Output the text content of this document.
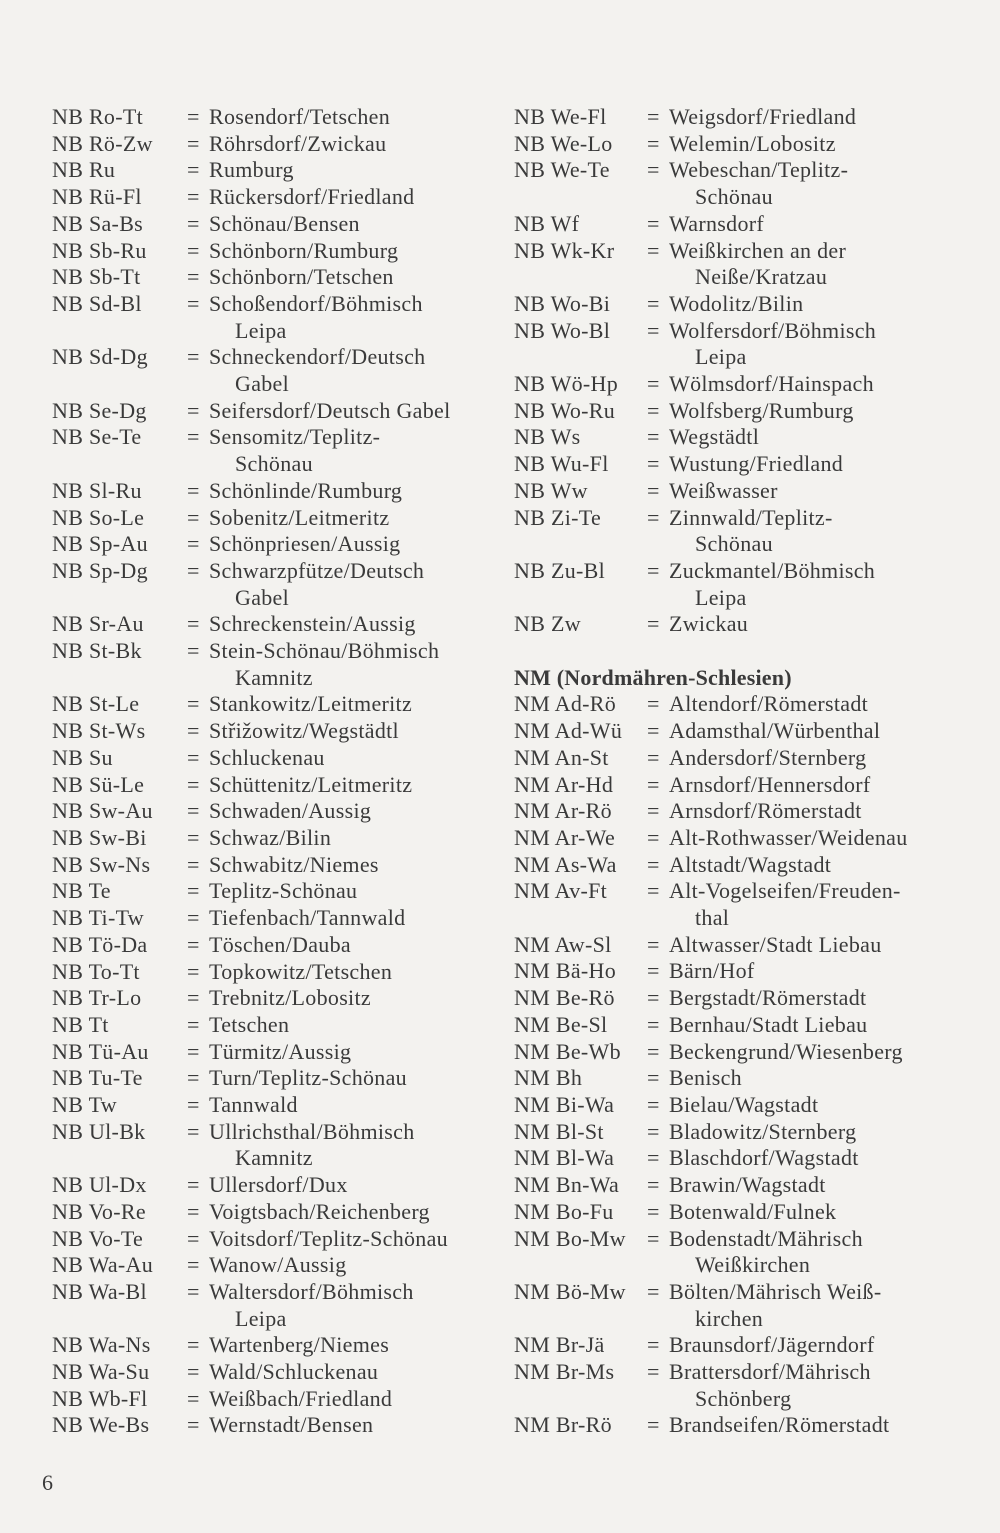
NB Ro-Tt	= Rosendorf/Tetschen
NB Rö-Zw	= Röhrsdorf/Zwickau
NB Ru	= Rumburg
NB Rü-Fl	= Rückersdorf/Friedland
NB Sa-Bs	= Schönau/Bensen
NB Sb-Ru	= Schönborn/Rumburg
NB Sb-Tt	= Schönborn/Tetschen
NB Sd-Bl	= Schoßendorf/Böhmisch
Leipa
NB Sd-Dg	= Schneckendorf/Deutsch
Gabel
NB Se-Dg	= Seifersdorf/Deutsch Gabel
NB Se-Te	= Sensomitz/Teplitz-
Schönau
NB Sl-Ru	= Schönlinde/Rumburg
NB So-Le	= Sobenitz/Leitmeritz
NB Sp-Au	= Schönpriesen/Aussig
NB Sp-Dg	= Schwarzpfütze/Deutsch
Gabel
NB Sr-Au	= Schreckenstein/Aussig
NB St-Bk	= Stein-Schönau/Böhmisch
Kamnitz
NB St-Le	= Stankowitz/Leitmeritz
NB St-Ws	= Střižowitz/Wegstädtl
NB Su	= Schluckenau
NB Sü-Le	= Schüttenitz/Leitmeritz
NB Sw-Au	= Schwaden/Aussig
NB Sw-Bi	= Schwaz/Bilin
NB Sw-Ns	= Schwabitz/Niemes
NB Te	= Teplitz-Schönau
NB Ti-Tw	= Tiefenbach/Tannwald
NB Tö-Da	= Töschen/Dauba
NB To-Tt	= Topkowitz/Tetschen
NB Tr-Lo	= Trebnitz/Lobositz
NB Tt	= Tetschen
NB Tü-Au	= Türmitz/Aussig
NB Tu-Te	= Turn/Teplitz-Schönau
NB Tw	= Tannwald
NB Ul-Bk	= Ullrichsthal/Böhmisch
Kamnitz
NB Ul-Dx	= Ullersdorf/Dux
NB Vo-Re	= Voigtsbach/Reichenberg
NB Vo-Te	= Voitsdorf/Teplitz-Schönau
NB Wa-Au	= Wanow/Aussig
NB Wa-Bl	= Waltersdorf/Böhmisch
Leipa
NB Wa-Ns	= Wartenberg/Niemes
NB Wa-Su	= Wald/Schluckenau
NB Wb-Fl	= Weißbach/Friedland
NB We-Bs	= Wernstadt/Bensen
NB We-Fl	= Weigsdorf/Friedland
NB We-Lo	= Welemin/Lobositz
NB We-Te	= Webeschan/Teplitz-
Schönau
NB Wf	= Warnsdorf
NB Wk-Kr	= Weißkirchen an der
Neiße/Kratzau
NB Wo-Bi	= Wodolitz/Bilin
NB Wo-Bl	= Wolfersdorf/Böhmisch
Leipa
NB Wö-Hp	= Wölmsdorf/Hainspach
NB Wo-Ru	= Wolfsberg/Rumburg
NB Ws	= Wegstädtl
NB Wu-Fl	= Wustung/Friedland
NB Ww	= Weißwasser
NB Zi-Te	= Zinnwald/Teplitz-
Schönau
NB Zu-Bl	= Zuckmantel/Böhmisch
Leipa
NB Zw	= Zwickau
NM (Nordmähren-Schlesien)
NM Ad-Rö	= Altendorf/Römerstadt
NM Ad-Wü	= Adamsthal/Würbenthal
NM An-St	= Andersdorf/Sternberg
NM Ar-Hd	= Arnsdorf/Hennersdorf
NM Ar-Rö	= Arnsdorf/Römerstadt
NM Ar-We	= Alt-Rothwasser/Weidenau
NM As-Wa	= Altstadt/Wagstadt
NM Av-Ft	= Alt-Vogelseifen/Freuden-
thal
NM Aw-Sl	= Altwasser/Stadt Liebau
NM Bä-Ho	= Bärn/Hof
NM Be-Rö	= Bergstadt/Römerstadt
NM Be-Sl	= Bernhau/Stadt Liebau
NM Be-Wb	= Beckengrund/Wiesenberg
NM Bh	= Benisch
NM Bi-Wa	= Bielau/Wagstadt
NM Bl-St	= Bladowitz/Sternberg
NM Bl-Wa	= Blaschdorf/Wagstadt
NM Bn-Wa	= Brawin/Wagstadt
NM Bo-Fu	= Botenwald/Fulnek
NM Bo-Mw = Bodenstadt/Mährisch
Weißkirchen
NM Bö-Mw = Bölten/Mährisch Weiß-
kirchen
NM Br-Jä	= Braunsdorf/Jägerndorf
NM Br-Ms	= Brattersdorf/Mährisch
Schönberg
NM Br-Rö	= Brandseifen/Römerstadt
6
